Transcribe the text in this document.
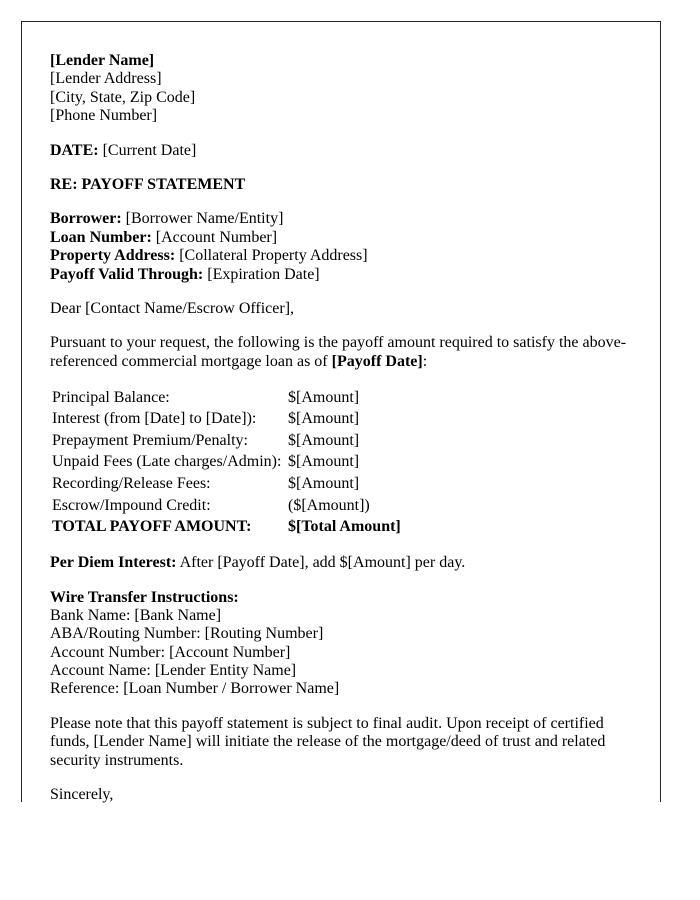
[Lender Name]
[Lender Address]
[City, State, Zip Code]
[Phone Number]

DATE: [Current Date]

RE: PAYOFF STATEMENT

Borrower: [Borrower Name/Entity]
Loan Number: [Account Number]
Property Address: [Collateral Property Address]
Payoff Valid Through: [Expiration Date]

Dear [Contact Name/Escrow Officer],

Pursuant to your request, the following is the payoff amount required to satisfy the above-referenced commercial mortgage loan as of [Payoff Date]:

Principal Balance:	$[Amount]
Interest (from [Date] to [Date]):	$[Amount]
Prepayment Premium/Penalty:	$[Amount]
Unpaid Fees (Late charges/Admin):	$[Amount]
Recording/Release Fees:	$[Amount]
Escrow/Impound Credit:	($[Amount])
TOTAL PAYOFF AMOUNT:	$[Total Amount]

Per Diem Interest: After [Payoff Date], add $[Amount] per day.

Wire Transfer Instructions:
Bank Name: [Bank Name]
ABA/Routing Number: [Routing Number]
Account Number: [Account Number]
Account Name: [Lender Entity Name]
Reference: [Loan Number / Borrower Name]

Please note that this payoff statement is subject to final audit. Upon receipt of certified funds, [Lender Name] will initiate the release of the mortgage/deed of trust and related security instruments.

Sincerely,
